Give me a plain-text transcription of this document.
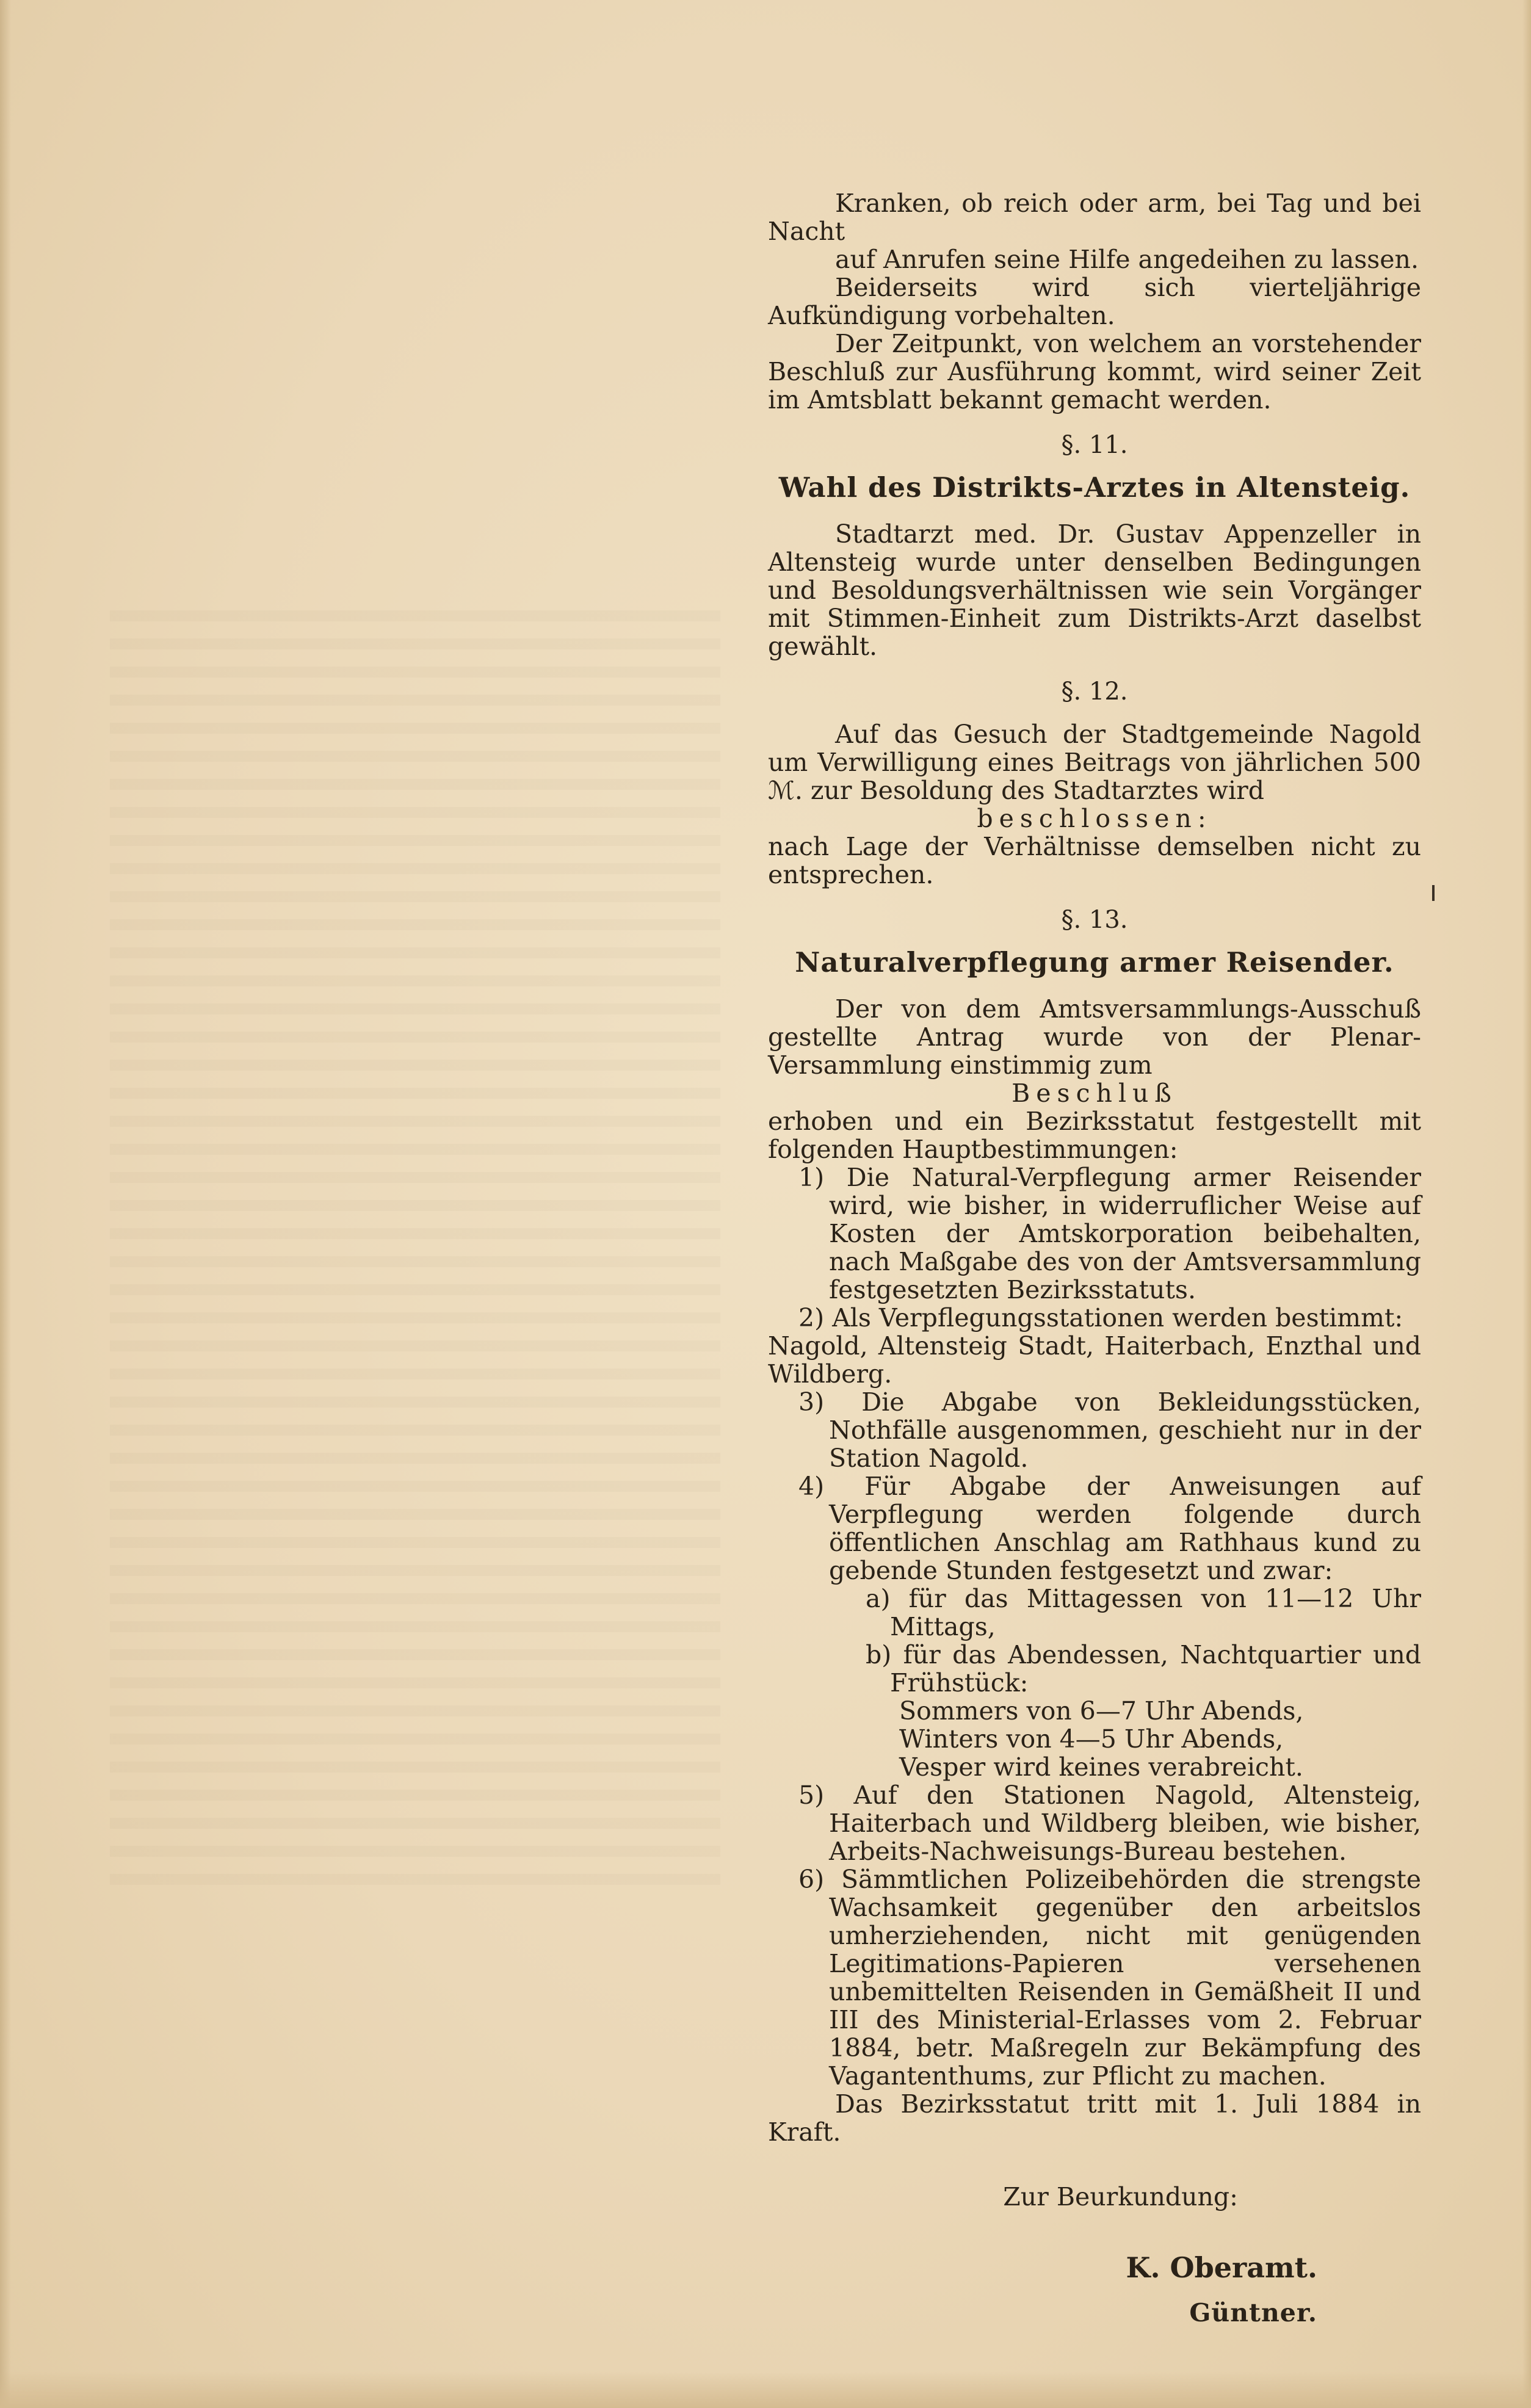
Kranken, ob reich oder arm, bei Tag und bei Nacht

auf Anrufen seine Hilfe angedeihen zu lassen.

Beiderseits wird sich vierteljährige Aufkündigung vorbehalten.

Der Zeitpunkt, von welchem an vorstehender Beschluß zur Ausführung kommt, wird seiner Zeit im Amtsblatt bekannt gemacht werden.

§. 11.
Wahl des Distrikts-Arztes in Altensteig.

Stadtarzt med. Dr. Gustav Appenzeller in Altensteig wurde unter denselben Bedingungen und Besoldungsverhältnissen wie sein Vorgänger mit Stimmen-Einheit zum Distrikts-Arzt daselbst gewählt.

§. 12.

Auf das Gesuch der Stadtgemeinde Nagold um Verwilligung eines Beitrags von jährlichen 500 ℳ. zur Besoldung des Stadtarztes wird

beschlossen:

nach Lage der Verhältnisse demselben nicht zu entsprechen.

§. 13.
Naturalverpflegung armer Reisender.

Der von dem Amtsversammlungs-Ausschuß gestellte Antrag wurde von der Plenar-Versammlung einstimmig zum

Beschluß

erhoben und ein Bezirksstatut festgestellt mit folgenden Hauptbestimmungen:

1) Die Natural-Verpflegung armer Reisender wird, wie bisher, in widerruflicher Weise auf Kosten der Amtskorporation beibehalten, nach Maßgabe des von der Amtsversammlung festgesetzten Bezirksstatuts.

2) Als Verpflegungsstationen werden bestimmt:

Nagold, Altensteig Stadt, Haiterbach, Enzthal und Wildberg.

3) Die Abgabe von Bekleidungsstücken, Nothfälle ausgenommen, geschieht nur in der Station Nagold.

4) Für Abgabe der Anweisungen auf Verpflegung werden folgende durch öffentlichen Anschlag am Rathhaus kund zu gebende Stunden festgesetzt und zwar:

a) für das Mittagessen von 11—12 Uhr Mittags,

b) für das Abendessen, Nachtquartier und Frühstück:

Sommers von 6—7 Uhr Abends,

Winters von 4—5 Uhr Abends,

Vesper wird keines verabreicht.

5) Auf den Stationen Nagold, Altensteig, Haiterbach und Wildberg bleiben, wie bisher, Arbeits-Nachweisungs-Bureau bestehen.

6) Sämmtlichen Polizeibehörden die strengste Wachsamkeit gegenüber den arbeitslos umherziehenden, nicht mit genügenden Legitimations-Papieren versehenen unbemittelten Reisenden in Gemäßheit II und III des Ministerial-Erlasses vom 2. Februar 1884, betr. Maßregeln zur Bekämpfung des Vagantenthums, zur Pflicht zu machen.

Das Bezirksstatut tritt mit 1. Juli 1884 in Kraft.

Zur Beurkundung:
K. Oberamt.
Güntner.
